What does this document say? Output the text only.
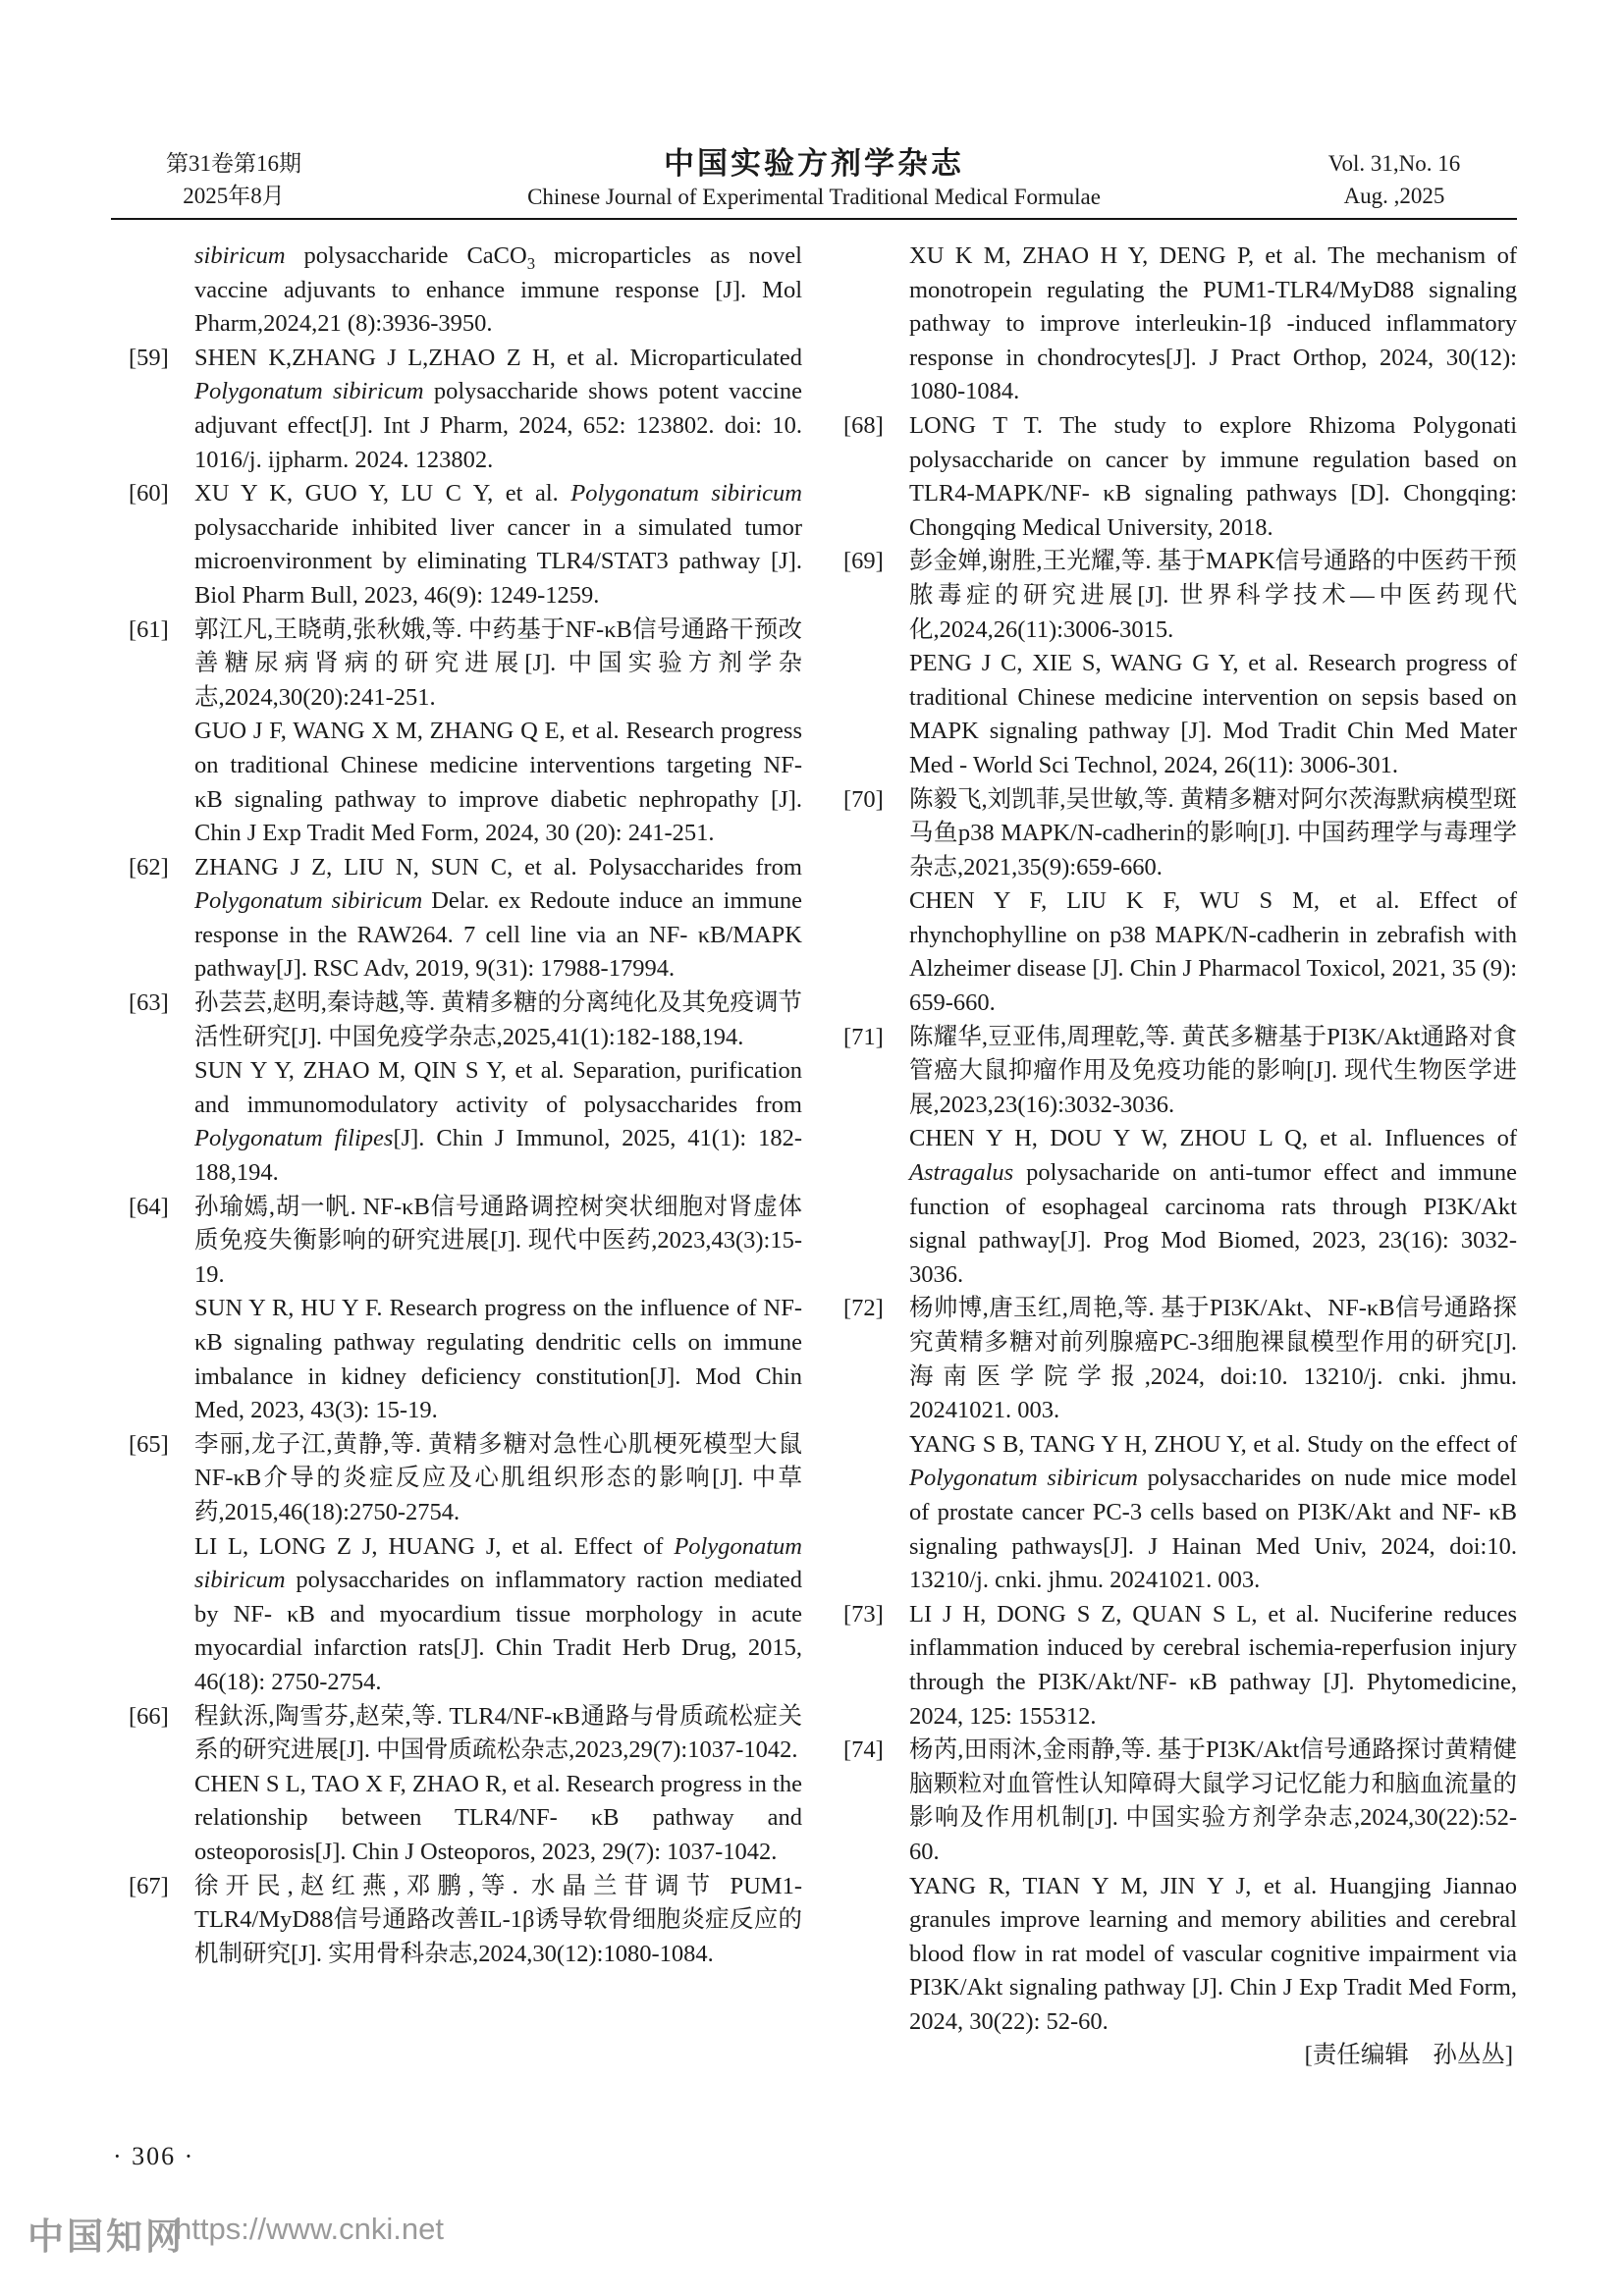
第31卷第16期
2025年8月
中国实验方剂学杂志
Chinese Journal of Experimental Traditional Medical Formulae
Vol. 31,No. 16
Aug. ,2025
sibiricum polysaccharide CaCO$_3$ microparticles as novel vaccine adjuvants to enhance immune response [J]. Mol Pharm,2024,21 (8):3936-3950.
[59] SHEN K,ZHANG J L,ZHAO Z H, et al. Microparticulated Polygonatum sibiricum polysaccharide shows potent vaccine adjuvant effect[J]. Int J Pharm, 2024, 652: 123802. doi: 10. 1016/j. ijpharm. 2024. 123802.
[60] XU Y K, GUO Y, LU C Y, et al. Polygonatum sibiricum polysaccharide inhibited liver cancer in a simulated tumor microenvironment by eliminating TLR4/STAT3 pathway [J]. Biol Pharm Bull, 2023, 46(9): 1249-1259.
[61] 郭江凡,王晓萌,张秋娥,等. 中药基于NF-κB信号通路干预改善糖尿病肾病的研究进展[J]. 中国实验方剂学杂志,2024,30(20):241-251.
GUO J F, WANG X M, ZHANG Q E, et al. Research progress on traditional Chinese medicine interventions targeting NF- κB signaling pathway to improve diabetic nephropathy [J]. Chin J Exp Tradit Med Form, 2024, 30 (20): 241-251.
[62] ZHANG J Z, LIU N, SUN C, et al. Polysaccharides from Polygonatum sibiricum Delar. ex Redoute induce an immune response in the RAW264. 7 cell line via an NF- κB/MAPK pathway[J]. RSC Adv, 2019, 9(31): 17988-17994.
[63] 孙芸芸,赵明,秦诗越,等. 黄精多糖的分离纯化及其免疫调节活性研究[J]. 中国免疫学杂志,2025,41(1):182-188,194.
SUN Y Y, ZHAO M, QIN S Y, et al. Separation, purification and immunomodulatory activity of polysaccharides from Polygonatum filipes[J]. Chin J Immunol, 2025, 41(1): 182-188,194.
[64] 孙瑜嫣,胡一帆. NF-κB信号通路调控树突状细胞对肾虚体质免疫失衡影响的研究进展[J]. 现代中医药,2023,43(3):15-19.
SUN Y R, HU Y F. Research progress on the influence of NF- κB signaling pathway regulating dendritic cells on immune imbalance in kidney deficiency constitution[J]. Mod Chin Med, 2023, 43(3): 15-19.
[65] 李丽,龙子江,黄静,等. 黄精多糖对急性心肌梗死模型大鼠NF-κB介导的炎症反应及心肌组织形态的影响[J]. 中草药,2015,46(18):2750-2754.
LI L, LONG Z J, HUANG J, et al. Effect of Polygonatum sibiricum polysaccharides on inflammatory raction mediated by NF- κB and myocardium tissue morphology in acute myocardial infarction rats[J]. Chin Tradit Herb Drug, 2015, 46(18): 2750-2754.
[66] 程釱泺,陶雪芬,赵荣,等. TLR4/NF-κB通路与骨质疏松症关系的研究进展[J]. 中国骨质疏松杂志,2023,29(7):1037-1042.
CHEN S L, TAO X F, ZHAO R, et al. Research progress in the relationship between TLR4/NF- κB pathway and osteoporosis[J]. Chin J Osteoporos, 2023, 29(7): 1037-1042.
[67] 徐开民,赵红燕,邓鹏,等. 水晶兰苷调节 PUM1-TLR4/MyD88信号通路改善IL-1β诱导软骨细胞炎症反应的机制研究[J]. 实用骨科杂志,2024,30(12):1080-1084.
XU K M, ZHAO H Y, DENG P, et al. The mechanism of monotropein regulating the PUM1-TLR4/MyD88 signaling pathway to improve interleukin-1β -induced inflammatory response in chondrocytes[J]. J Pract Orthop, 2024, 30(12): 1080-1084.
[68] LONG T T. The study to explore Rhizoma Polygonati polysaccharide on cancer by immune regulation based on TLR4-MAPK/NF- κB signaling pathways [D]. Chongqing: Chongqing Medical University, 2018.
[69] 彭金婵,谢胜,王光耀,等. 基于MAPK信号通路的中医药干预脓毒症的研究进展[J]. 世界科学技术—中医药现代化,2024,26(11):3006-3015.
PENG J C, XIE S, WANG G Y, et al. Research progress of traditional Chinese medicine intervention on sepsis based on MAPK signaling pathway [J]. Mod Tradit Chin Med Mater Med - World Sci Technol, 2024, 26(11): 3006-301.
[70] 陈毅飞,刘凯菲,吴世敏,等. 黄精多糖对阿尔茨海默病模型斑马鱼p38 MAPK/N-cadherin的影响[J]. 中国药理学与毒理学杂志,2021,35(9):659-660.
CHEN Y F, LIU K F, WU S M, et al. Effect of rhynchophylline on p38 MAPK/N-cadherin in zebrafish with Alzheimer disease [J]. Chin J Pharmacol Toxicol, 2021, 35 (9): 659-660.
[71] 陈耀华,豆亚伟,周理乾,等. 黄芪多糖基于PI3K/Akt通路对食管癌大鼠抑瘤作用及免疫功能的影响[J]. 现代生物医学进展,2023,23(16):3032-3036.
CHEN Y H, DOU Y W, ZHOU L Q, et al. Influences of Astragalus polysacharide on anti-tumor effect and immune function of esophageal carcinoma rats through PI3K/Akt signal pathway[J]. Prog Mod Biomed, 2023, 23(16): 3032-3036.
[72] 杨帅博,唐玉红,周艳,等. 基于PI3K/Akt、NF-κB信号通路探究黄精多糖对前列腺癌PC-3细胞裸鼠模型作用的研究[J]. 海南医学院学报,2024, doi:10. 13210/j. cnki. jhmu. 20241021. 003.
YANG S B, TANG Y H, ZHOU Y, et al. Study on the effect of Polygonatum sibiricum polysaccharides on nude mice model of prostate cancer PC-3 cells based on PI3K/Akt and NF- κB signaling pathways[J]. J Hainan Med Univ, 2024, doi:10. 13210/j. cnki. jhmu. 20241021. 003.
[73] LI J H, DONG S Z, QUAN S L, et al. Nuciferine reduces inflammation induced by cerebral ischemia-reperfusion injury through the PI3K/Akt/NF- κB pathway [J]. Phytomedicine, 2024, 125: 155312.
[74] 杨芮,田雨沐,金雨静,等. 基于PI3K/Akt信号通路探讨黄精健脑颗粒对血管性认知障碍大鼠学习记忆能力和脑血流量的影响及作用机制[J]. 中国实验方剂学杂志,2024,30(22):52-60.
YANG R, TIAN Y M, JIN Y J, et al. Huangjing Jiannao granules improve learning and memory abilities and cerebral blood flow in rat model of vascular cognitive impairment via PI3K/Akt signaling pathway [J]. Chin J Exp Tradit Med Form, 2024, 30(22): 52-60.
[责任编辑　孙丛丛]
· 306 ·
中国知网
https://www.cnki.net
